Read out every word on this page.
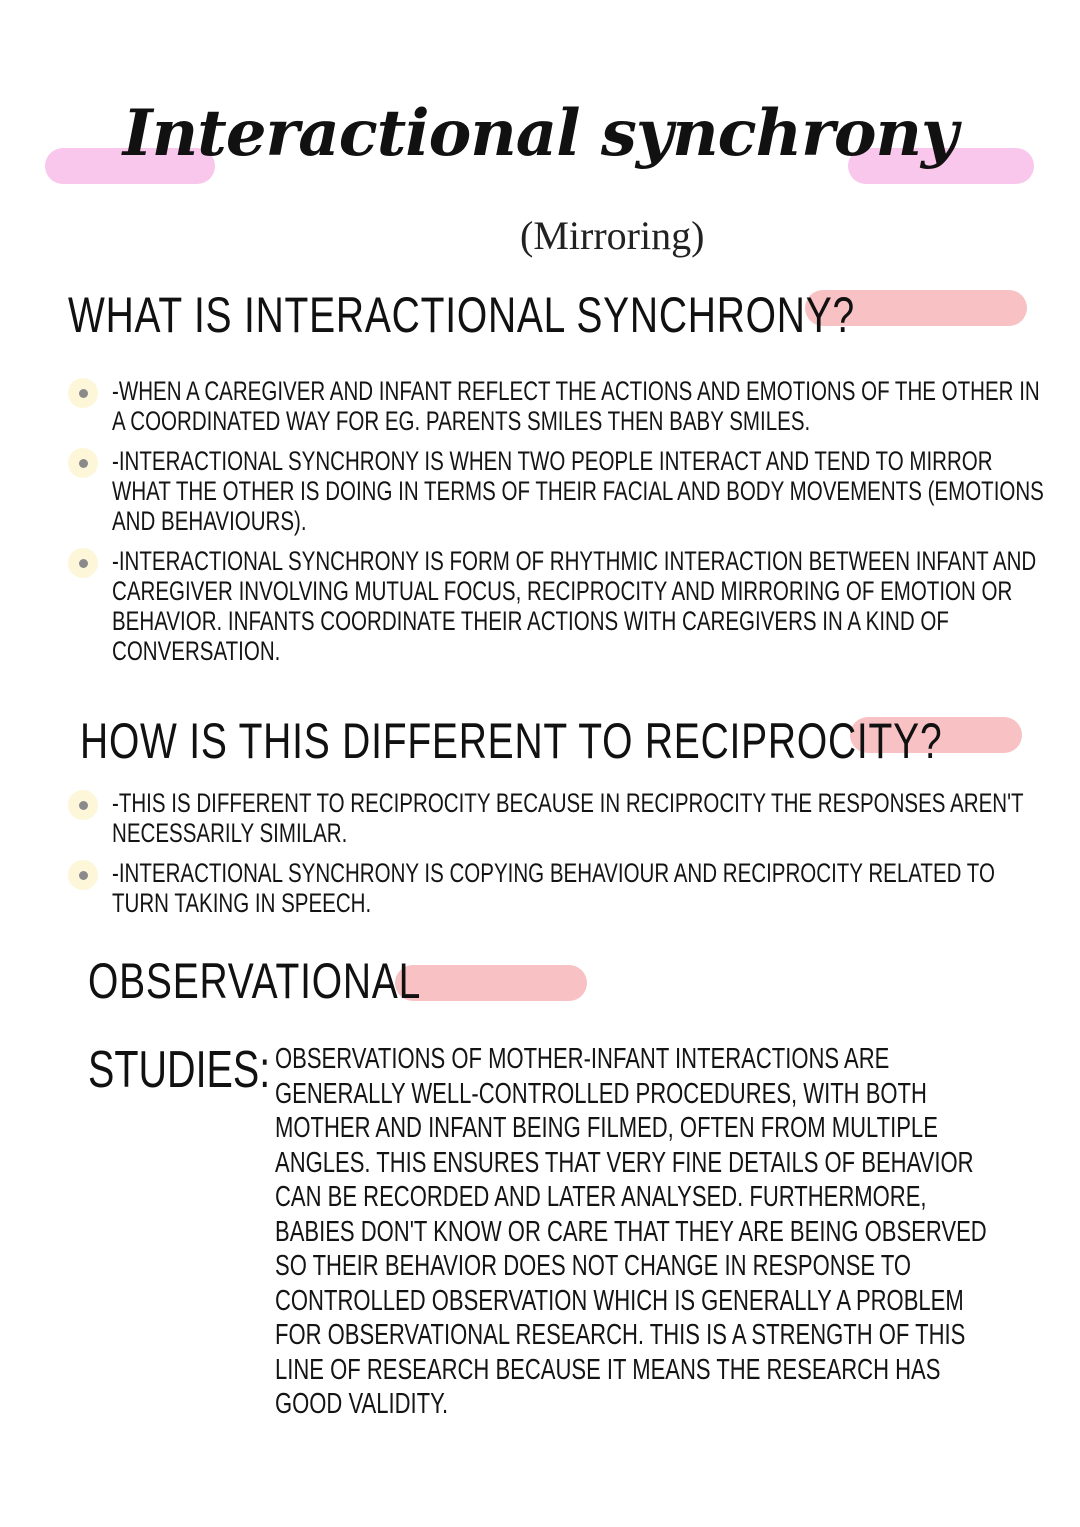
Interactional synchrony
(Mirroring)
WHAT IS INTERACTIONAL SYNCHRONY?
-WHEN A CAREGIVER AND INFANT REFLECT THE ACTIONS AND EMOTIONS OF THE OTHER IN A COORDINATED WAY FOR EG. PARENTS SMILES THEN BABY SMILES.
-INTERACTIONAL SYNCHRONY IS WHEN TWO PEOPLE INTERACT AND TEND TO MIRROR WHAT THE OTHER IS DOING IN TERMS OF THEIR FACIAL AND BODY MOVEMENTS (EMOTIONS AND BEHAVIOURS).
-INTERACTIONAL SYNCHRONY IS FORM OF RHYTHMIC INTERACTION BETWEEN INFANT AND CAREGIVER INVOLVING MUTUAL FOCUS, RECIPROCITY AND MIRRORING OF EMOTION OR BEHAVIOR. INFANTS COORDINATE THEIR ACTIONS WITH CAREGIVERS IN A KIND OF CONVERSATION.
HOW IS THIS DIFFERENT TO RECIPROCITY?
-THIS IS DIFFERENT TO RECIPROCITY BECAUSE IN RECIPROCITY THE RESPONSES AREN'T NECESSARILY SIMILAR.
-INTERACTIONAL SYNCHRONY IS COPYING BEHAVIOUR AND RECIPROCITY RELATED TO TURN TAKING IN SPEECH.
OBSERVATIONAL
STUDIES: OBSERVATIONS OF MOTHER-INFANT INTERACTIONS ARE GENERALLY WELL-CONTROLLED PROCEDURES, WITH BOTH MOTHER AND INFANT BEING FILMED, OFTEN FROM MULTIPLE ANGLES. THIS ENSURES THAT VERY FINE DETAILS OF BEHAVIOR CAN BE RECORDED AND LATER ANALYSED. FURTHERMORE, BABIES DON'T KNOW OR CARE THAT THEY ARE BEING OBSERVED SO THEIR BEHAVIOR DOES NOT CHANGE IN RESPONSE TO CONTROLLED OBSERVATION WHICH IS GENERALLY A PROBLEM FOR OBSERVATIONAL RESEARCH. THIS IS A STRENGTH OF THIS LINE OF RESEARCH BECAUSE IT MEANS THE RESEARCH HAS GOOD VALIDITY.
